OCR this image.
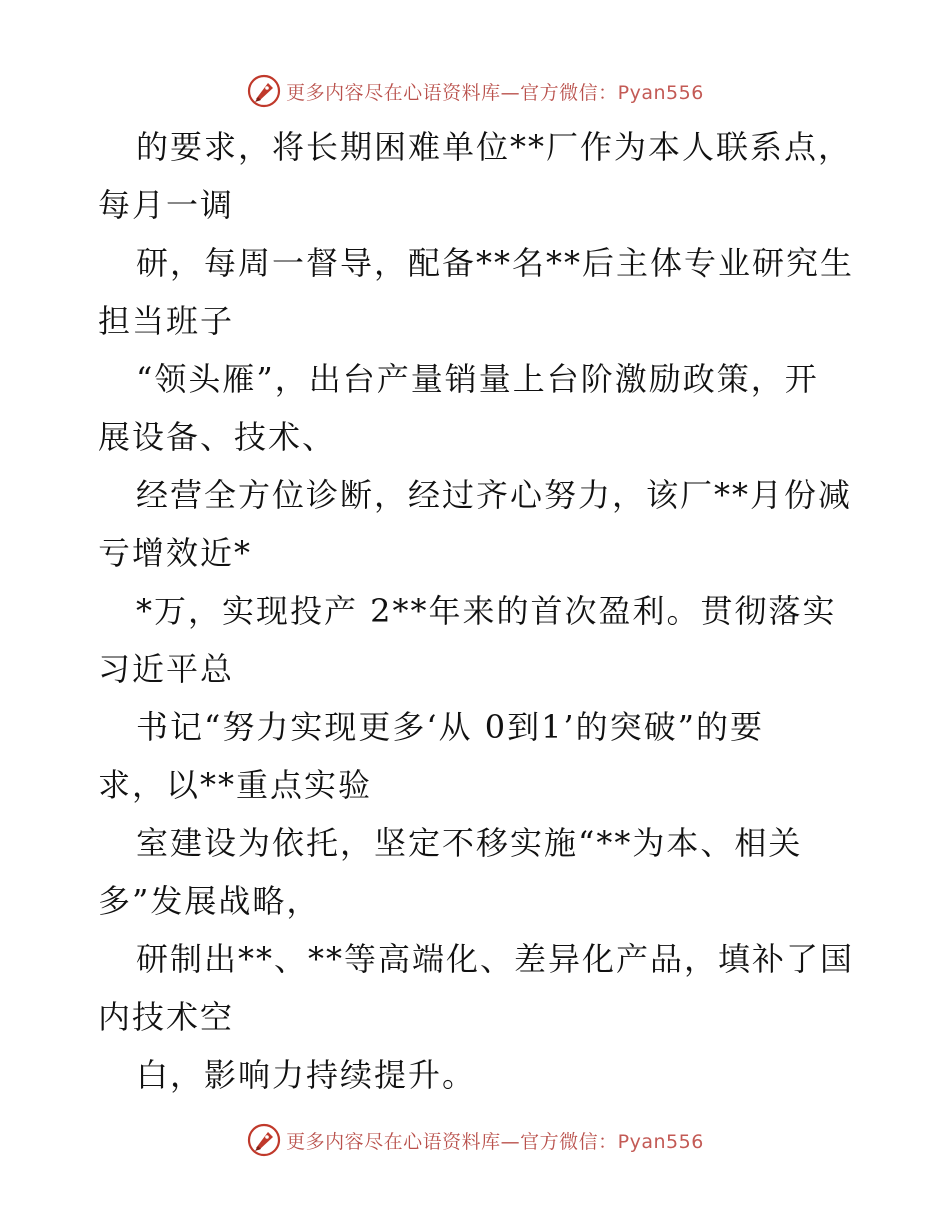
更多内容尽在心语资料库—官方微信：Pyan556
的要求，将长期困难单位**厂作为本人联系点，
每月一调
研，每周一督导，配备**名**后主体专业研究生
担当班子
“领头雁”，出台产量销量上台阶激励政策，开
展设备、技术、
经营全方位诊断，经过齐心努力，该厂**月份减
亏增效近*
*万，实现投产 2**年来的首次盈利。贯彻落实
习近平总
书记“努力实现更多‘从 0到1’的突破”的要
求，以**重点实验
室建设为依托，坚定不移实施“**为本、相关
多”发展战略，
研制出**、**等高端化、差异化产品，填补了国
内技术空
白，影响力持续提升。
更多内容尽在心语资料库—官方微信：Pyan556
